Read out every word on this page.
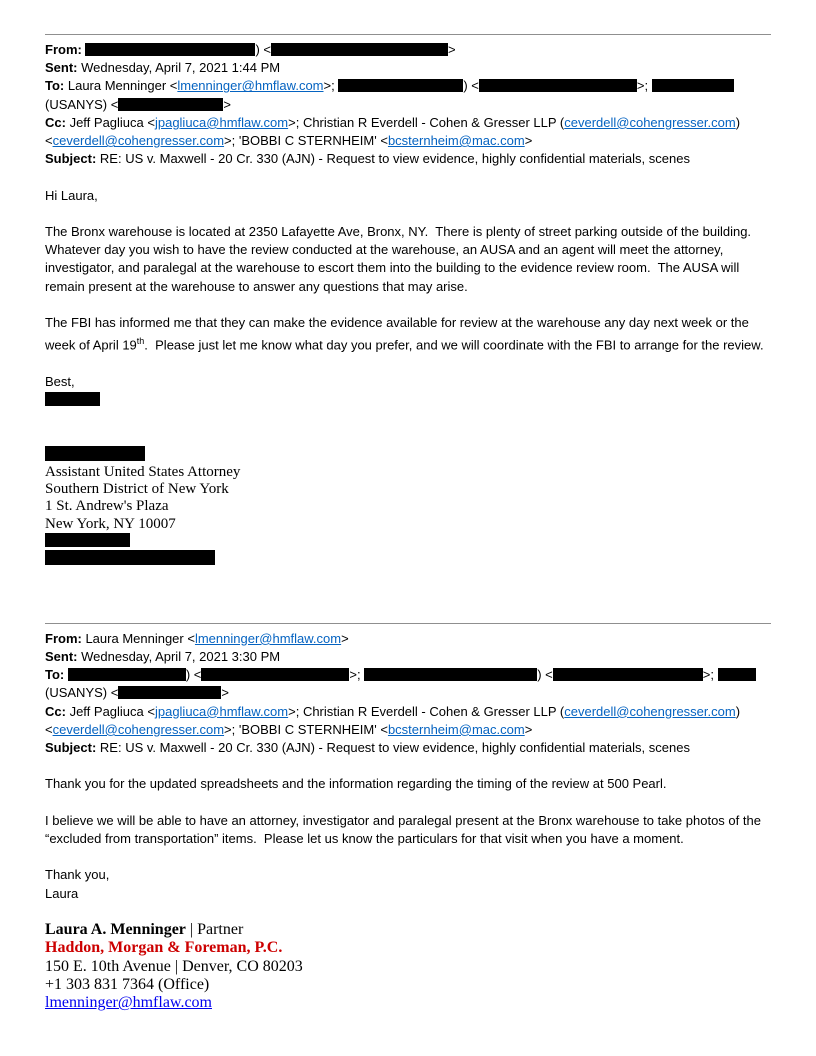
From:	) <	>
Sent: Wednesday, April 7, 2021 1:44 PM
To: Laura Menninger <lmenninger@hmflaw.com>;	) <	>;
(USANYS) <	>
Cc: Jeff Pagliuca <jpagliuca@hmflaw.com>; Christian R Everdell - Cohen & Gresser LLP (ceverdell@cohengresser.com)
<ceverdell@cohengresser.com>; 'BOBBI C STERNHEIM' <bcsternheim@mac.com>
Subject: RE: US v. Maxwell - 20 Cr. 330 (AJN) - Request to view evidence, highly confidential materials, scenes

Hi Laura,

The Bronx warehouse is located at 2350 Lafayette Ave, Bronx, NY.  There is plenty of street parking outside of the building.  Whatever day you wish to have the review conducted at the warehouse, an AUSA and an agent will meet the attorney, investigator, and paralegal at the warehouse to escort them into the building to the evidence review room.  The AUSA will remain present at the warehouse to answer any questions that may arise.

The FBI has informed me that they can make the evidence available for review at the warehouse any day next week or the week of April 19th.  Please just let me know what day you prefer, and we will coordinate with the FBI to arrange for the review.

Best,

Assistant United States Attorney
Southern District of New York
1 St. Andrew's Plaza
New York, NY 10007

From: Laura Menninger <lmenninger@hmflaw.com>
Sent: Wednesday, April 7, 2021 3:30 PM
To:	) <	>;	) <	>;
(USANYS) <	>
Cc: Jeff Pagliuca <jpagliuca@hmflaw.com>; Christian R Everdell - Cohen & Gresser LLP (ceverdell@cohengresser.com)
<ceverdell@cohengresser.com>; 'BOBBI C STERNHEIM' <bcsternheim@mac.com>
Subject: RE: US v. Maxwell - 20 Cr. 330 (AJN) - Request to view evidence, highly confidential materials, scenes

Thank you for the updated spreadsheets and the information regarding the timing of the review at 500 Pearl.

I believe we will be able to have an attorney, investigator and paralegal present at the Bronx warehouse to take photos of the “excluded from transportation” items.  Please let us know the particulars for that visit when you have a moment.

Thank you,
Laura

Laura A. Menninger | Partner
Haddon, Morgan & Foreman, P.C.
150 E. 10th Avenue | Denver, CO 80203
+1 303 831 7364 (Office)
lmenninger@hmflaw.com
